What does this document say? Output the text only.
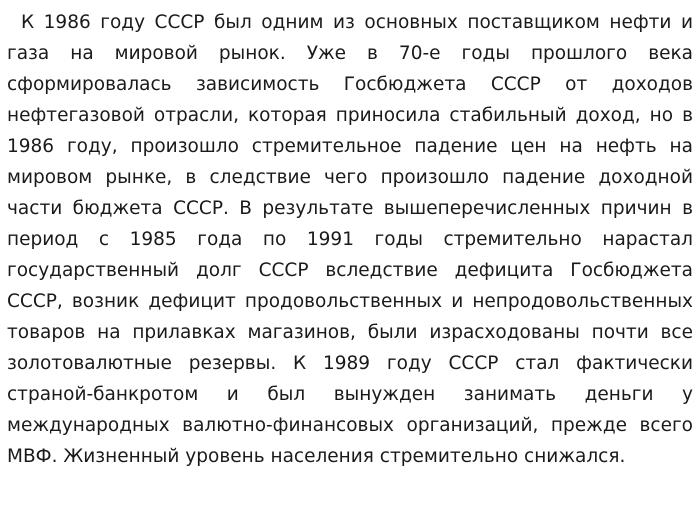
К 1986 году СССР был одним из основных поставщиком нефти и газа на мировой рынок. Уже в 70-е годы прошлого века сформировалась зависимость Госбюджета СССР от доходов нефтегазовой отрасли, которая приносила стабильный доход, но в 1986 году, произошло стремительное падение цен на нефть на мировом рынке, в следствие чего произошло падение доходной части бюджета СССР. В результате вышеперечисленных причин в период с 1985 года по 1991 годы стремительно нарастал государственный долг СССР вследствие дефицита Госбюджета СССР, возник дефицит продовольственных и непродовольственных товаров на прилавках магазинов, были израсходованы почти все золотовалютные резервы. К 1989 году СССР стал фактически страной-банкротом и был вынужден занимать деньги у международных валютно-финансовых организаций, прежде всего МВФ. Жизненный уровень населения стремительно снижался.
